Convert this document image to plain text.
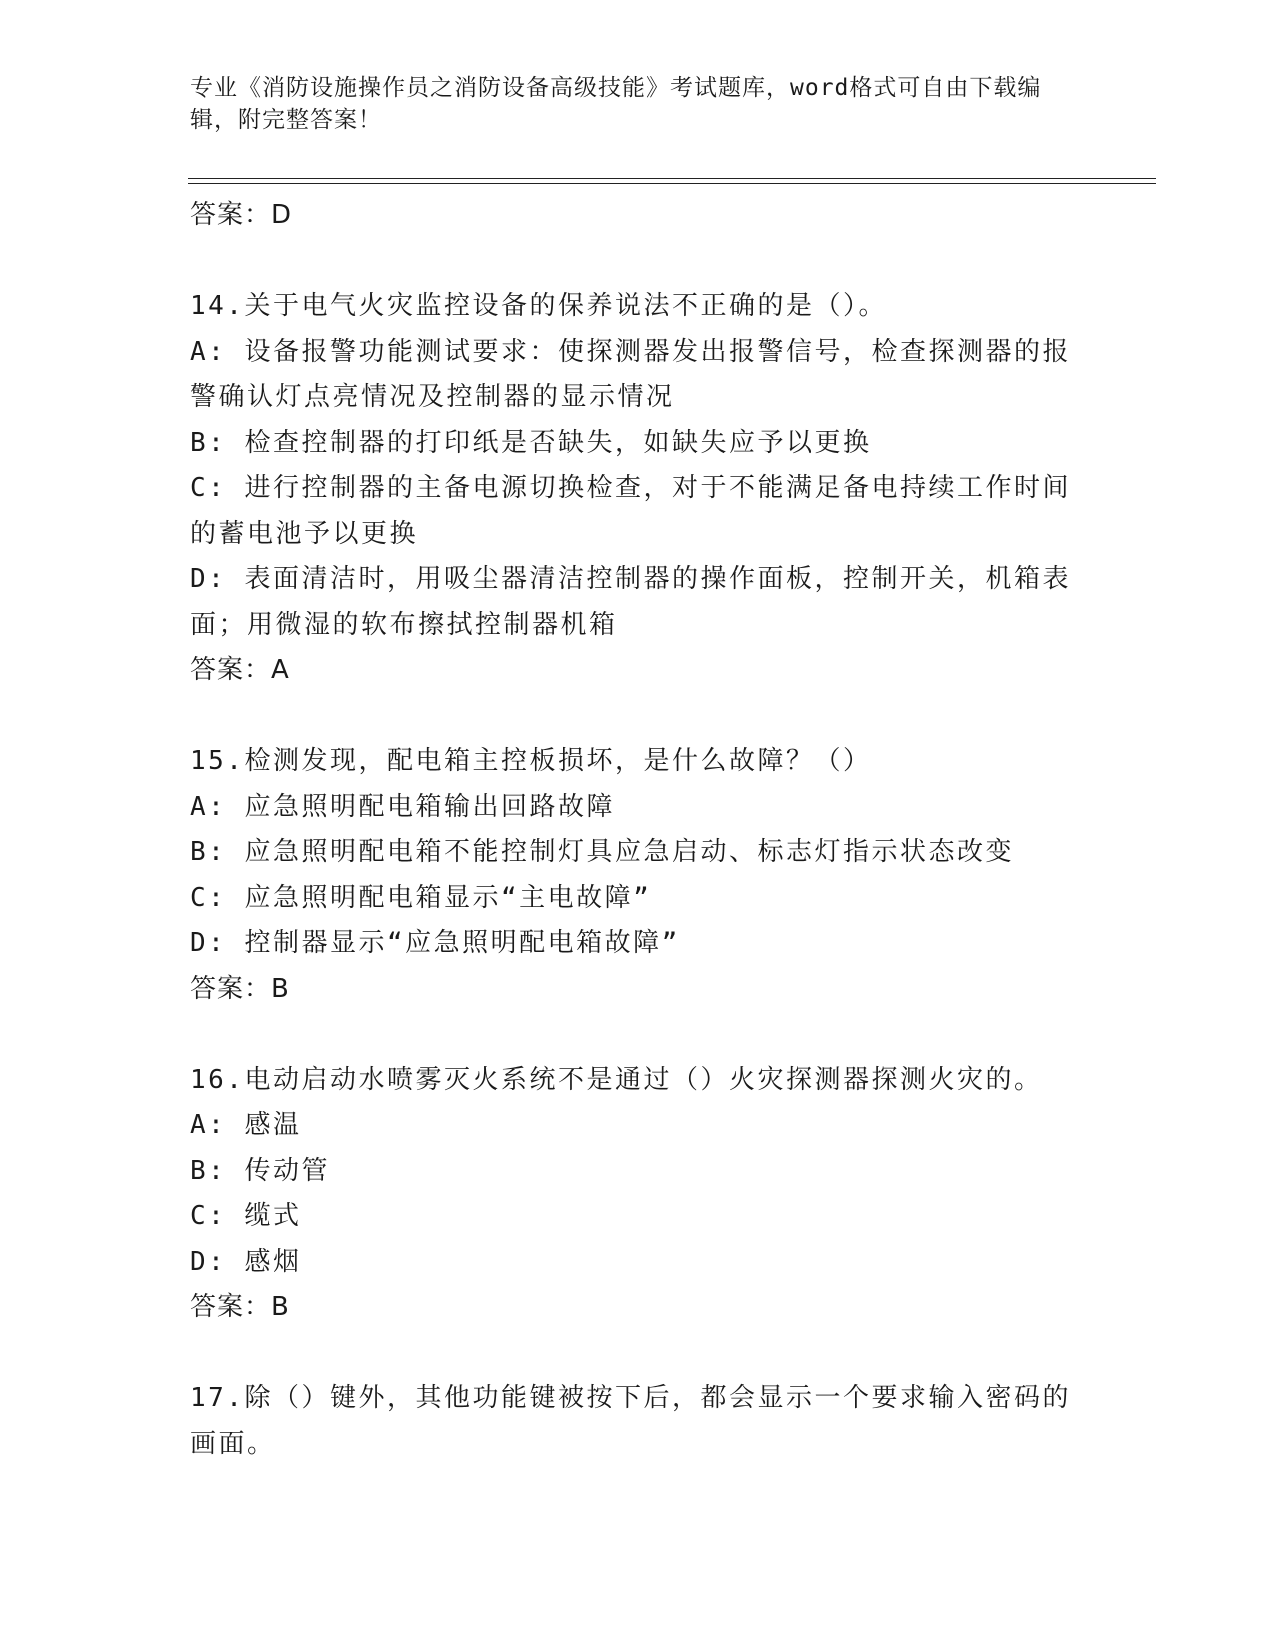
专业《消防设施操作员之消防设备高级技能》考试题库，word格式可自由下载编
辑，附完整答案！
答案：D
14.关于电气火灾监控设备的保养说法不正确的是（）。
A: 设备报警功能测试要求：使探测器发出报警信号，检查探测器的报
警确认灯点亮情况及控制器的显示情况
B: 检查控制器的打印纸是否缺失，如缺失应予以更换
C: 进行控制器的主备电源切换检查，对于不能满足备电持续工作时间
的蓄电池予以更换
D: 表面清洁时，用吸尘器清洁控制器的操作面板，控制开关，机箱表
面；用微湿的软布擦拭控制器机箱
答案：A
15.检测发现，配电箱主控板损坏，是什么故障？（）
A: 应急照明配电箱输出回路故障
B: 应急照明配电箱不能控制灯具应急启动、标志灯指示状态改变
C: 应急照明配电箱显示“主电故障”
D: 控制器显示“应急照明配电箱故障”
答案：B
16.电动启动水喷雾灭火系统不是通过（）火灾探测器探测火灾的。
A: 感温
B: 传动管
C: 缆式
D: 感烟
答案：B
17.除（）键外，其他功能键被按下后，都会显示一个要求输入密码的
画面。
